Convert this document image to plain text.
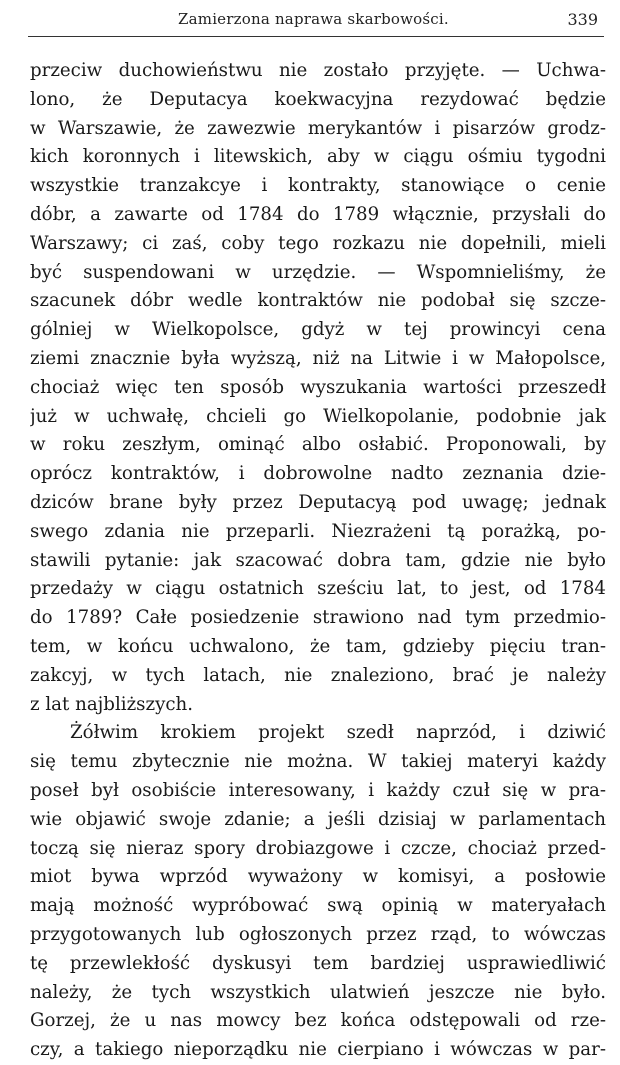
Zamierzona naprawa skarbowości.	339
przeciw duchowieństwu nie zostało przyjęte. — Uchwa-
lono, że Deputacya koekwacyjna rezydować będzie
w Warszawie, że zawezwie merykantów i pisarzów grodz-
kich koronnych i litewskich, aby w ciągu ośmiu tygodni
wszystkie tranzakcye i kontrakty, stanowiące o cenie
dóbr, a zawarte od 1784 do 1789 włącznie, przysłali do
Warszawy; ci zaś, coby tego rozkazu nie dopełnili, mieli
być suspendowani w urzędzie. — Wspomnieliśmy, że
szacunek dóbr wedle kontraktów nie podobał się szcze-
gólniej w Wielkopolsce, gdyż w tej prowincyi cena
ziemi znacznie była wyższą, niż na Litwie i w Małopolsce,
chociaż więc ten sposób wyszukania wartości przeszedł
już w uchwałę, chcieli go Wielkopolanie, podobnie jak
w roku zeszłym, ominąć albo osłabić. Proponowali, by
oprócz kontraktów, i dobrowolne nadto zeznania dzie-
dziców brane były przez Deputacyą pod uwagę; jednak
swego zdania nie przeparli. Niezrażeni tą porażką, po-
stawili pytanie: jak szacować dobra tam, gdzie nie było
przedaży w ciągu ostatnich sześciu lat, to jest, od 1784
do 1789? Całe posiedzenie strawiono nad tym przedmio-
tem, w końcu uchwalono, że tam, gdzieby pięciu tran-
zakcyj, w tych latach, nie znaleziono, brać je należy
z lat najbliższych.
Żółwim krokiem projekt szedł naprzód, i dziwić
się temu zbytecznie nie można. W takiej materyi każdy
poseł był osobiście interesowany, i każdy czuł się w pra-
wie objawić swoje zdanie; a jeśli dzisiaj w parlamentach
toczą się nieraz spory drobiazgowe i czcze, chociaż przed-
miot bywa wprzód wyważony w komisyi, a posłowie
mają możność wypróbować swą opinią w materyałach
przygotowanych lub ogłoszonych przez rząd, to wówczas
tę przewlekłość dyskusyi tem bardziej usprawiedliwić
należy, że tych wszystkich ulatwień jeszcze nie było.
Gorzej, że u nas mowcy bez końca odstępowali od rze-
czy, a takiego nieporządku nie cierpiano i wówczas w par-
